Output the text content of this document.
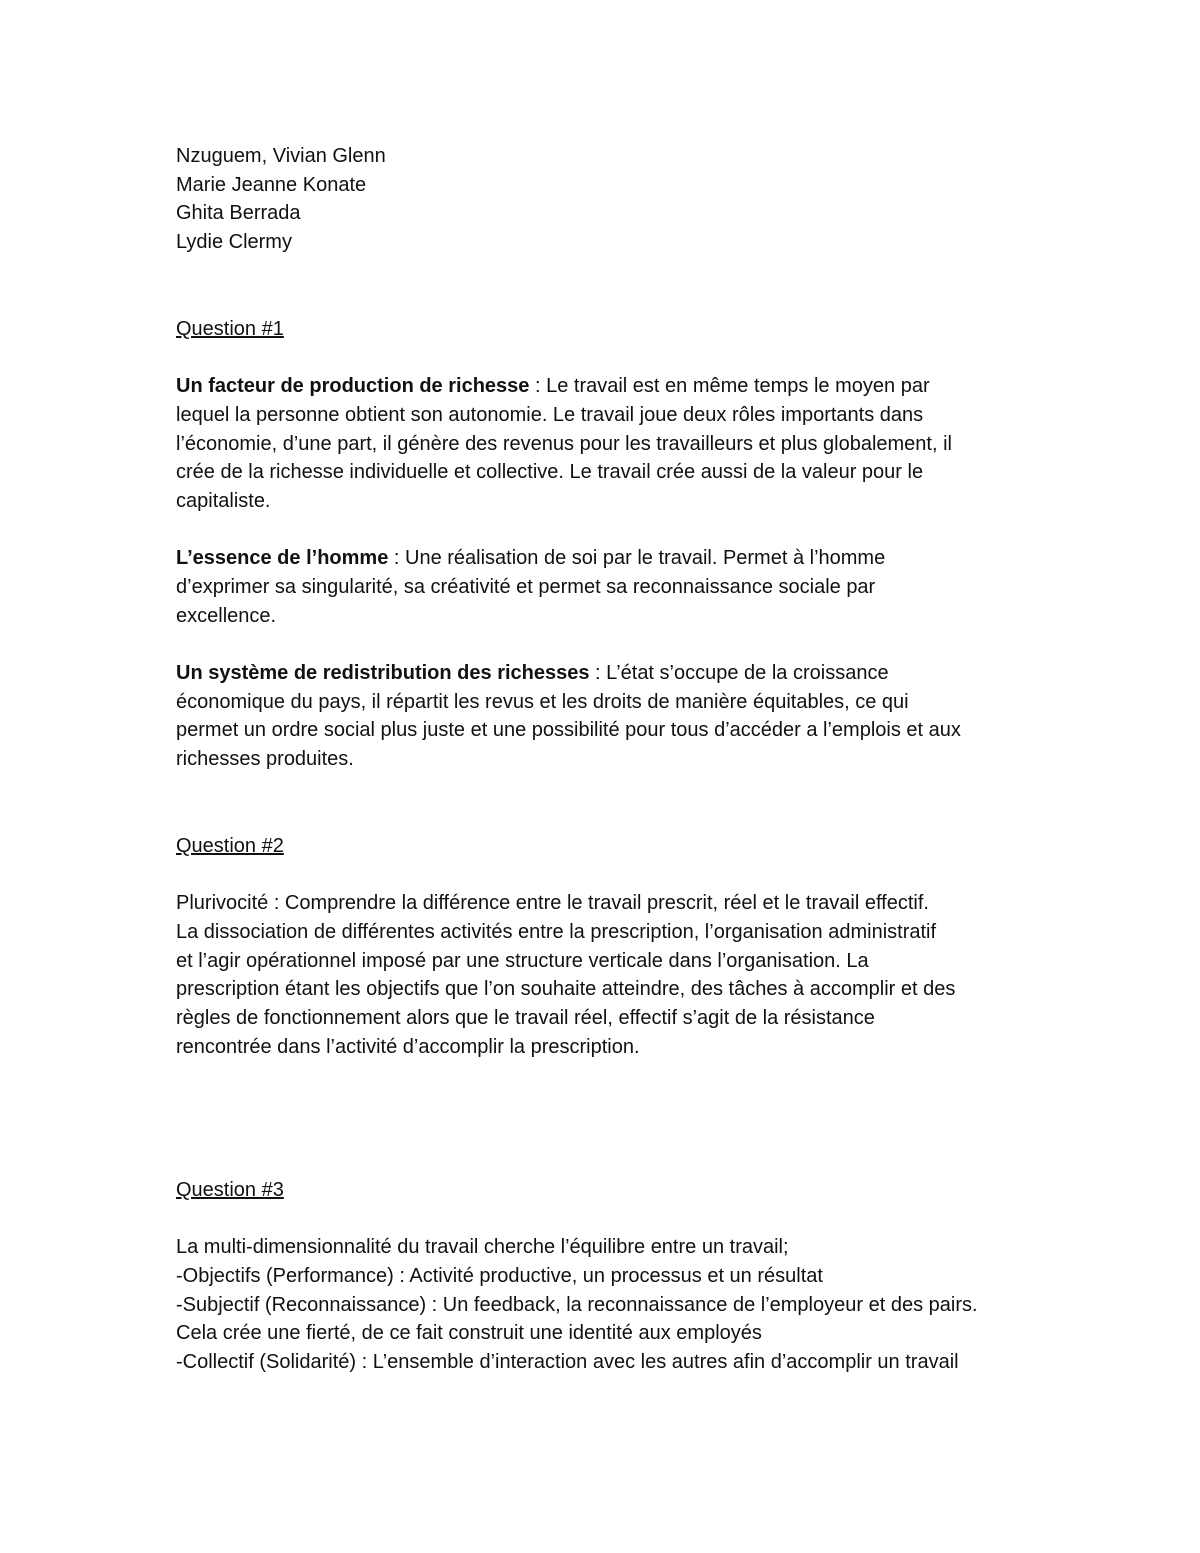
Nzuguem, Vivian Glenn
Marie Jeanne Konate
Ghita Berrada
Lydie Clermy
Question #1
Un facteur de production de richesse : Le travail est en même temps le moyen par
lequel la personne obtient son autonomie. Le travail joue deux rôles importants dans
l’économie, d’une part, il génère des revenus pour les travailleurs et plus globalement, il
crée de la richesse individuelle et collective. Le travail crée aussi de la valeur pour le
capitaliste.
L’essence de l’homme : Une réalisation de soi par le travail. Permet à l’homme
d’exprimer sa singularité, sa créativité et permet sa reconnaissance sociale par
excellence.
Un système de redistribution des richesses : L’état s’occupe de la croissance
économique du pays, il répartit les revus et les droits de manière équitables, ce qui
permet un ordre social plus juste et une possibilité pour tous d’accéder a l’emplois et aux
richesses produites.
Question #2
Plurivocité : Comprendre la différence entre le travail prescrit, réel et le travail effectif.
La dissociation de différentes activités entre la prescription, l’organisation administratif
et l’agir opérationnel imposé par une structure verticale dans l’organisation. La
prescription étant les objectifs que l’on souhaite atteindre, des tâches à accomplir et des
règles de fonctionnement alors que le travail réel, effectif s’agit de la résistance
rencontrée dans l’activité d’accomplir la prescription.
Question #3
La multi-dimensionnalité du travail cherche l’équilibre entre un travail;
-Objectifs (Performance) : Activité productive, un processus et un résultat
-Subjectif (Reconnaissance) : Un feedback, la reconnaissance de l’employeur et des pairs.
Cela crée une fierté, de ce fait construit une identité aux employés
-Collectif (Solidarité) : L’ensemble d’interaction avec les autres afin d’accomplir un travail
